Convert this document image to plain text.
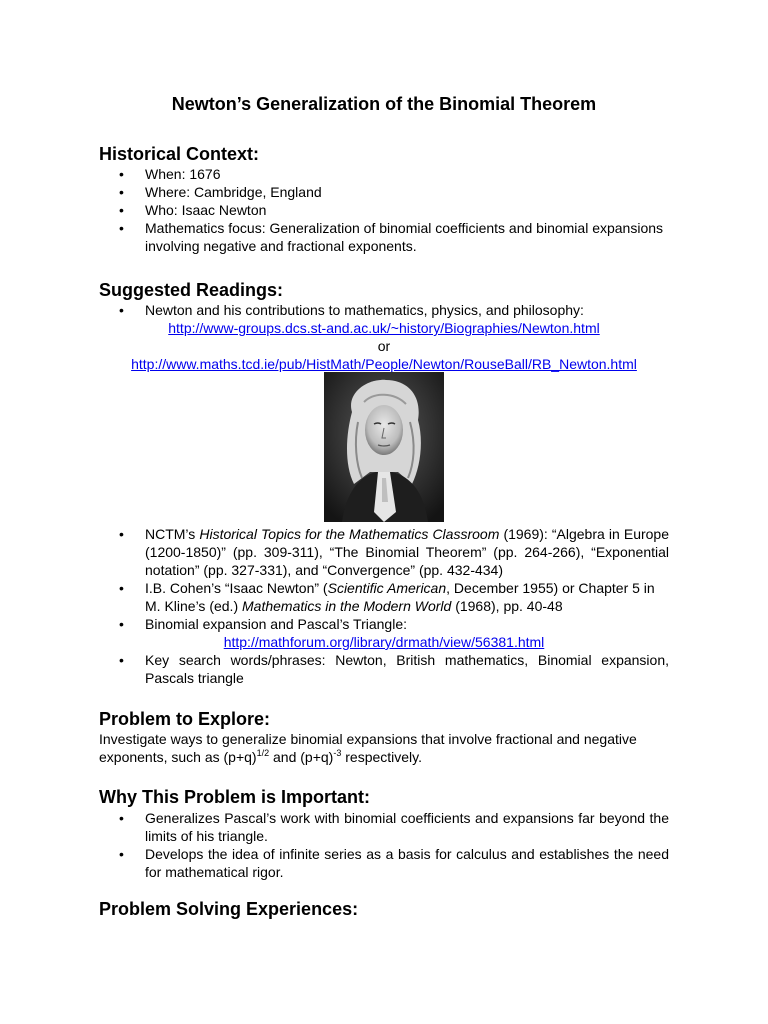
Newton’s Generalization of the Binomial Theorem
Historical Context:
• When: 1676
• Where: Cambridge, England
• Who: Isaac Newton
• Mathematics focus: Generalization of binomial coefficients and binomial expansions involving negative and fractional exponents.
Suggested Readings:
• Newton and his contributions to mathematics, physics, and philosophy:
http://www-groups.dcs.st-and.ac.uk/~history/Biographies/Newton.html
or
http://www.maths.tcd.ie/pub/HistMath/People/Newton/RouseBall/RB_Newton.html
• NCTM’s Historical Topics for the Mathematics Classroom (1969): “Algebra in Europe (1200-1850)” (pp. 309-311), “The Binomial Theorem” (pp. 264-266), “Exponential notation” (pp. 327-331), and “Convergence” (pp. 432-434)
• I.B. Cohen’s “Isaac Newton” (Scientific American, December 1955) or Chapter 5 in M. Kline’s (ed.) Mathematics in the Modern World (1968), pp. 40-48
• Binomial expansion and Pascal’s Triangle:
http://mathforum.org/library/drmath/view/56381.html
• Key search words/phrases: Newton, British mathematics, Binomial expansion, Pascals triangle
Problem to Explore:
Investigate ways to generalize binomial expansions that involve fractional and negative exponents, such as $(p+q)^{1/2}$ and $(p+q)^{-3}$ respectively.
Why This Problem is Important:
• Generalizes Pascal’s work with binomial coefficients and expansions far beyond the limits of his triangle.
• Develops the idea of infinite series as a basis for calculus and establishes the need for mathematical rigor.
Problem Solving Experiences:
